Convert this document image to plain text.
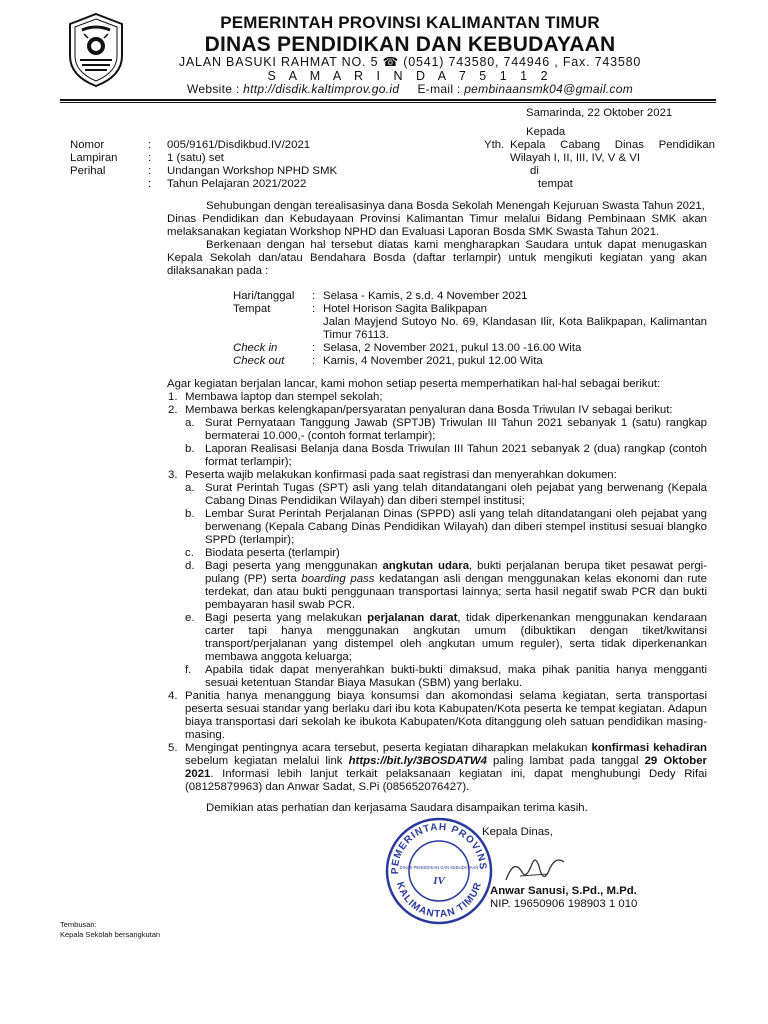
PEMERINTAH PROVINSI KALIMANTAN TIMUR
DINAS PENDIDIKAN DAN KEBUDAYAAN
JALAN BASUKI RAHMAT NO. 5 ☎ (0541) 743580, 744946 , Fax. 743580
S A M A R I N D A 7 5 1 1 2
Website : http://disdik.kaltimprov.go.id     E-mail : pembinaansmk04@gmail.com
Samarinda, 22 Oktober 2021
Kepada
Yth. Kepala Cabang Dinas Pendidikan
Wilayah I, II, III, IV, V & VI
di
tempat
Nomor	: 005/9161/Disdikbud.IV/2021
Lampiran	: 1 (satu) set
Perihal	: Undangan Workshop NPHD SMK
: Tahun Pelajaran 2021/2022
Sehubungan dengan terealisasinya dana Bosda Sekolah Menengah Kejuruan Swasta Tahun 2021,
Dinas Pendidikan dan Kebudayaan Provinsi Kalimantan Timur melalui Bidang Pembinaan SMK akan
melaksanakan kegiatan Workshop NPHD dan Evaluasi Laporan Bosda SMK Swasta Tahun 2021.
Berkenaan dengan hal tersebut diatas kami mengharapkan Saudara untuk dapat menugaskan
Kepala Sekolah dan/atau Bendahara Bosda (daftar terlampir) untuk mengikuti kegiatan yang akan
dilaksanakan pada :
Hari/tanggal : Selasa - Kamis, 2 s.d. 4 November 2021
Tempat	: Hotel Horison Sagita Balikpapan
Jalan Mayjend Sutoyo No. 69, Klandasan Ilir, Kota Balikpapan, Kalimantan
Timur 76113.
Check in	: Selasa, 2 November 2021, pukul 13.00 -16.00 Wita
Check out : Kamis, 4 November 2021, pukul 12.00 Wita
Agar kegiatan berjalan lancar, kami mohon setiap peserta memperhatikan hal-hal sebagai berikut:
1. Membawa laptop dan stempel sekolah;
2. Membawa berkas kelengkapan/persyaratan penyaluran dana Bosda Triwulan IV sebagai berikut:
a. Surat Pernyataan Tanggung Jawab (SPTJB) Triwulan III Tahun 2021 sebanyak 1 (satu) rangkap
bermaterai 10.000,- (contoh format terlampir);
b. Laporan Realisasi Belanja dana Bosda Triwulan III Tahun 2021 sebanyak 2 (dua) rangkap (contoh
format terlampir);
3. Peserta wajib melakukan konfirmasi pada saat registrasi dan menyerahkan dokumen:
a. Surat Perintah Tugas (SPT) asli yang telah ditandatangani oleh pejabat yang berwenang (Kepala
Cabang Dinas Pendidikan Wilayah) dan diberi stempel institusi;
b. Lembar Surat Perintah Perjalanan Dinas (SPPD) asli yang telah ditandatangani oleh pejabat yang
berwenang (Kepala Cabang Dinas Pendidikan Wilayah) dan diberi stempel institusi sesuai blangko
SPPD (terlampir);
c. Biodata peserta (terlampir)
d. Bagi peserta yang menggunakan angkutan udara, bukti perjalanan berupa tiket pesawat pergi-
pulang (PP) serta boarding pass kedatangan asli dengan menggunakan kelas ekonomi dan rute
terdekat, dan atau bukti penggunaan transportasi lainnya; serta hasil negatif swab PCR dan bukti
pembayaran hasil swab PCR.
e. Bagi peserta yang melakukan perjalanan darat, tidak diperkenankan menggunakan kendaraan
carter tapi hanya menggunakan angkutan umum (dibuktikan dengan tiket/kwitansi
transport/perjalanan yang distempel oleh angkutan umum reguler), serta tidak diperkenankan
membawa anggota keluarga;
f. Apabila tidak dapat menyerahkan bukti-bukti dimaksud, maka pihak panitia hanya mengganti
sesuai ketentuan Standar Biaya Masukan (SBM) yang berlaku.
4. Panitia hanya menanggung biaya konsumsi dan akomondasi selama kegiatan, serta transportasi
peserta sesuai standar yang berlaku dari ibu kota Kabupaten/Kota peserta ke tempat kegiatan. Adapun
biaya transportasi dari sekolah ke ibukota Kabupaten/Kota ditanggung oleh satuan pendidikan masing-
masing.
5. Mengingat pentingnya acara tersebut, peserta kegiatan diharapkan melakukan konfirmasi kehadiran
sebelum kegiatan melalui link https://bit.ly/3BOSDATW4 paling lambat pada tanggal 29 Oktober
2021. Informasi lebih lanjut terkait pelaksanaan kegiatan ini, dapat menghubungi Dedy Rifai
(08125879963) dan Anwar Sadat, S.Pi (085652076427).
Demikian atas perhatian dan kerjasama Saudara disampaikan terima kasih.
Kepala Dinas,
PEMERINTAH PROVINS
KALIMANTAN TIMUR
DINAS PENDIDIKAN DAN KEBUDAYAAN
IV
Anwar Sanusi, S.Pd., M.Pd.
NIP. 19650906 198903 1 010
Tembusan:
Kepala Sekolah bersangkutan
